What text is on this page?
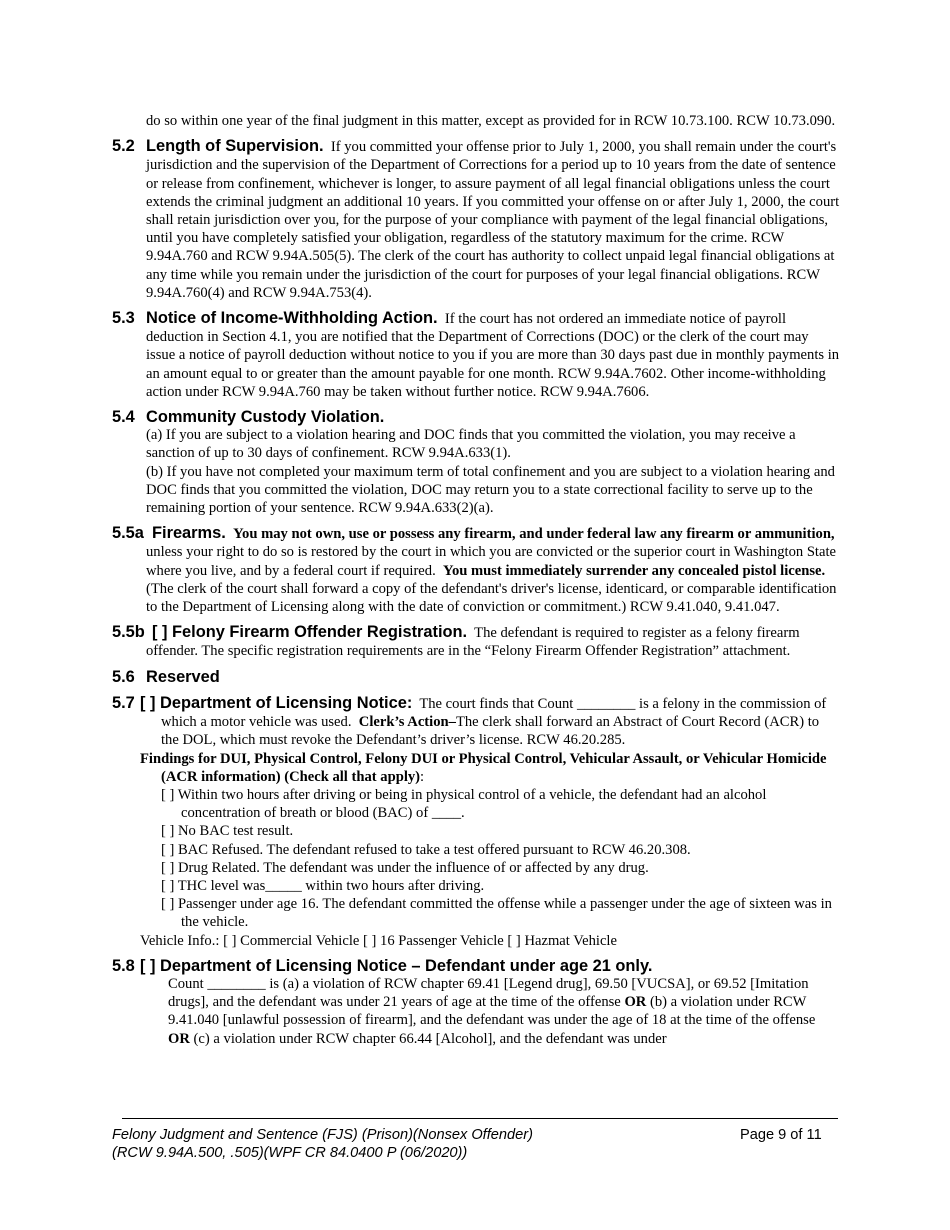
do so within one year of the final judgment in this matter, except as provided for in RCW 10.73.100. RCW 10.73.090.
5.2 Length of Supervision. If you committed your offense prior to July 1, 2000, you shall remain under the court's jurisdiction and the supervision of the Department of Corrections for a period up to 10 years from the date of sentence or release from confinement, whichever is longer, to assure payment of all legal financial obligations unless the court extends the criminal judgment an additional 10 years. If you committed your offense on or after July 1, 2000, the court shall retain jurisdiction over you, for the purpose of your compliance with payment of the legal financial obligations, until you have completely satisfied your obligation, regardless of the statutory maximum for the crime. RCW 9.94A.760 and RCW 9.94A.505(5). The clerk of the court has authority to collect unpaid legal financial obligations at any time while you remain under the jurisdiction of the court for purposes of your legal financial obligations. RCW 9.94A.760(4) and RCW 9.94A.753(4).
5.3 Notice of Income-Withholding Action. If the court has not ordered an immediate notice of payroll deduction in Section 4.1, you are notified that the Department of Corrections (DOC) or the clerk of the court may issue a notice of payroll deduction without notice to you if you are more than 30 days past due in monthly payments in an amount equal to or greater than the amount payable for one month. RCW 9.94A.7602. Other income-withholding action under RCW 9.94A.760 may be taken without further notice. RCW 9.94A.7606.
5.4 Community Custody Violation.
(a) If you are subject to a violation hearing and DOC finds that you committed the violation, you may receive a sanction of up to 30 days of confinement. RCW 9.94A.633(1).
(b) If you have not completed your maximum term of total confinement and you are subject to a violation hearing and DOC finds that you committed the violation, DOC may return you to a state correctional facility to serve up to the remaining portion of your sentence. RCW 9.94A.633(2)(a).
5.5a Firearms. You may not own, use or possess any firearm, and under federal law any firearm or ammunition, unless your right to do so is restored by the court in which you are convicted or the superior court in Washington State where you live, and by a federal court if required. You must immediately surrender any concealed pistol license. (The clerk of the court shall forward a copy of the defendant's driver's license, identicard, or comparable identification to the Department of Licensing along with the date of conviction or commitment.) RCW 9.41.040, 9.41.047.
5.5b [ ] Felony Firearm Offender Registration. The defendant is required to register as a felony firearm offender. The specific registration requirements are in the “Felony Firearm Offender Registration” attachment.
5.6 Reserved
5.7 [ ] Department of Licensing Notice: The court finds that Count ________ is a felony in the commission of which a motor vehicle was used. Clerk’s Action–The clerk shall forward an Abstract of Court Record (ACR) to the DOL, which must revoke the Defendant’s driver’s license. RCW 46.20.285.
Findings for DUI, Physical Control, Felony DUI or Physical Control, Vehicular Assault, or Vehicular Homicide (ACR information) (Check all that apply):
[ ] Within two hours after driving or being in physical control of a vehicle, the defendant had an alcohol concentration of breath or blood (BAC) of ____.
[ ] No BAC test result.
[ ] BAC Refused. The defendant refused to take a test offered pursuant to RCW 46.20.308.
[ ] Drug Related. The defendant was under the influence of or affected by any drug.
[ ] THC level was_____ within two hours after driving.
[ ] Passenger under age 16. The defendant committed the offense while a passenger under the age of sixteen was in the vehicle.
Vehicle Info.: [ ] Commercial Vehicle [ ] 16 Passenger Vehicle [ ] Hazmat Vehicle
5.8 [ ] Department of Licensing Notice – Defendant under age 21 only.
Count ________ is (a) a violation of RCW chapter 69.41 [Legend drug], 69.50 [VUCSA], or 69.52 [Imitation drugs], and the defendant was under 21 years of age at the time of the offense OR (b) a violation under RCW 9.41.040 [unlawful possession of firearm], and the defendant was under the age of 18 at the time of the offense OR (c) a violation under RCW chapter 66.44 [Alcohol], and the defendant was under
Felony Judgment and Sentence (FJS) (Prison)(Nonsex Offender)
(RCW 9.94A.500, .505)(WPF CR 84.0400 P (06/2020))
Page 9 of 11
